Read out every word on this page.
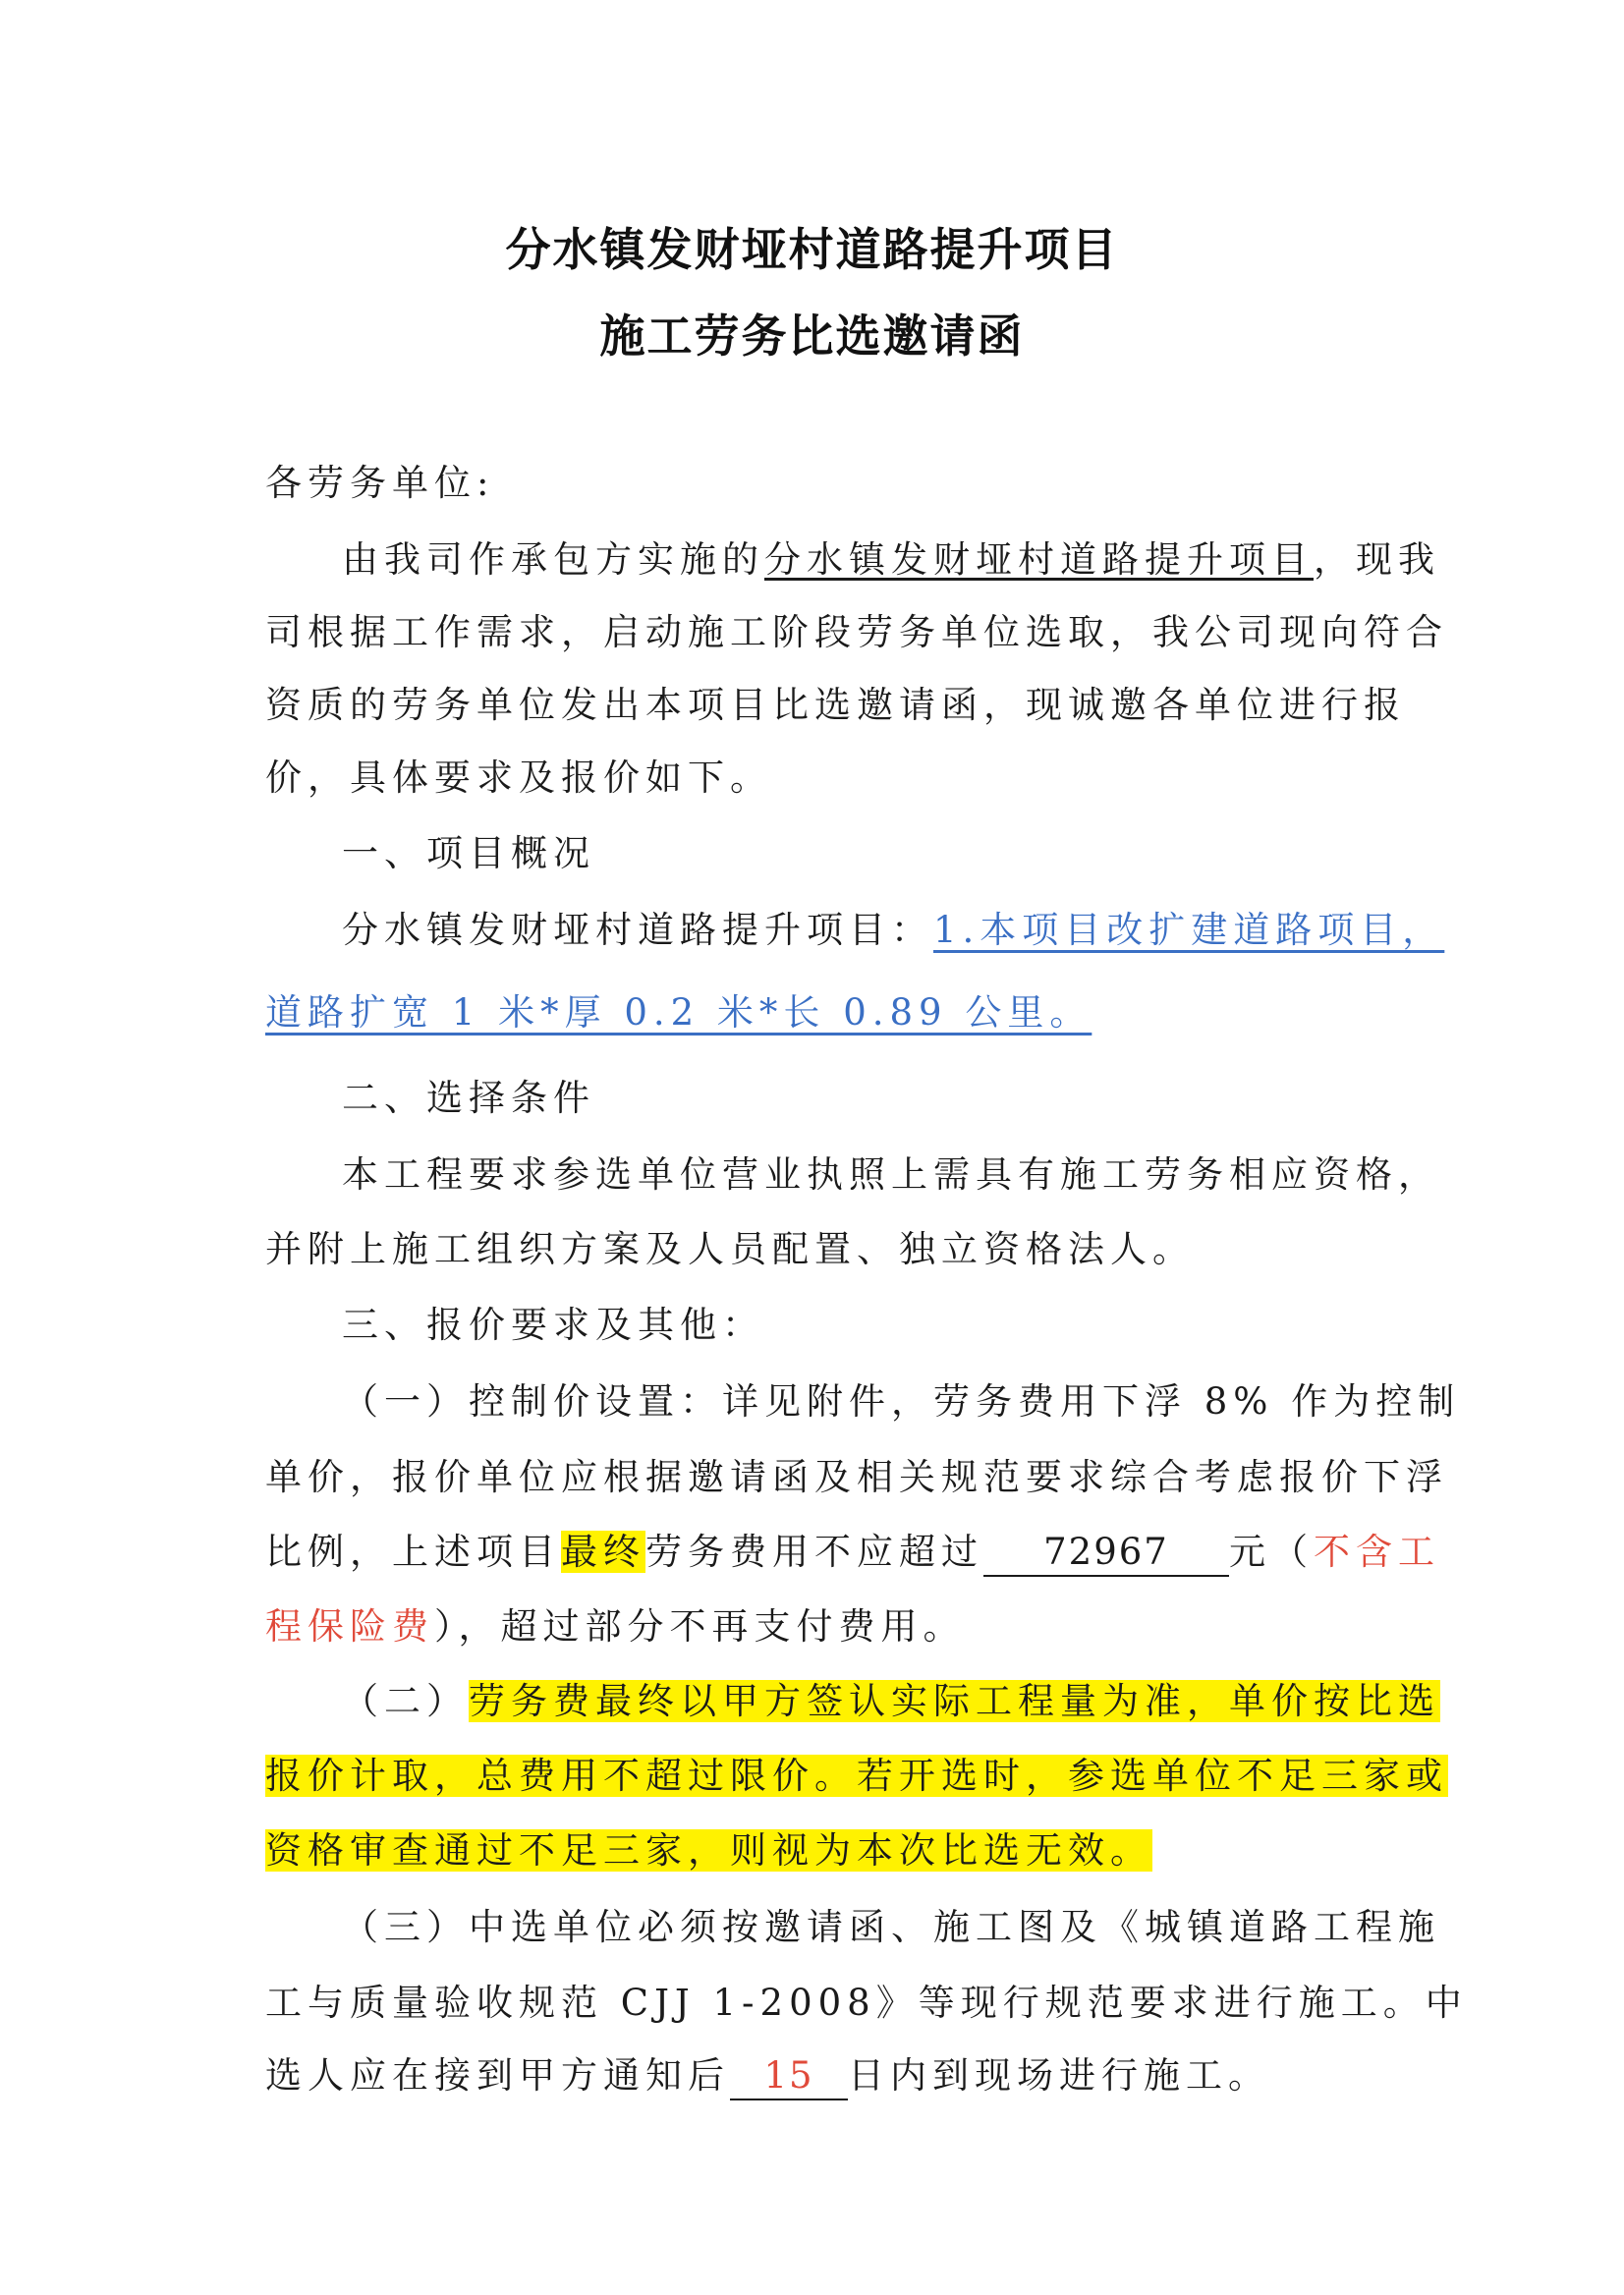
分水镇发财垭村道路提升项目
施工劳务比选邀请函
各劳务单位:
由我司作承包方实施的分水镇发财垭村道路提升项目，现我
司根据工作需求，启动施工阶段劳务单位选取，我公司现向符合
资质的劳务单位发出本项目比选邀请函，现诚邀各单位进行报
价，具体要求及报价如下。
一、项目概况
分水镇发财垭村道路提升项目：1.本项目改扩建道路项目，
道路扩宽 1 米*厚 0.2 米*长 0.89 公里。
二、选择条件
本工程要求参选单位营业执照上需具有施工劳务相应资格，
并附上施工组织方案及人员配置、独立资格法人。
三、报价要求及其他：
（一）控制价设置：详见附件，劳务费用下浮 8% 作为控制
单价，报价单位应根据邀请函及相关规范要求综合考虑报价下浮
比例，上述项目最终劳务费用不应超过 72967 元（不含工
程保险费），超过部分不再支付费用。
（二）劳务费最终以甲方签认实际工程量为准，单价按比选
报价计取，总费用不超过限价。若开选时，参选单位不足三家或
资格审查通过不足三家，则视为本次比选无效。
（三）中选单位必须按邀请函、施工图及《城镇道路工程施
工与质量验收规范 CJJ 1-2008》等现行规范要求进行施工。中
选人应在接到甲方通知后 15 日内到现场进行施工。
